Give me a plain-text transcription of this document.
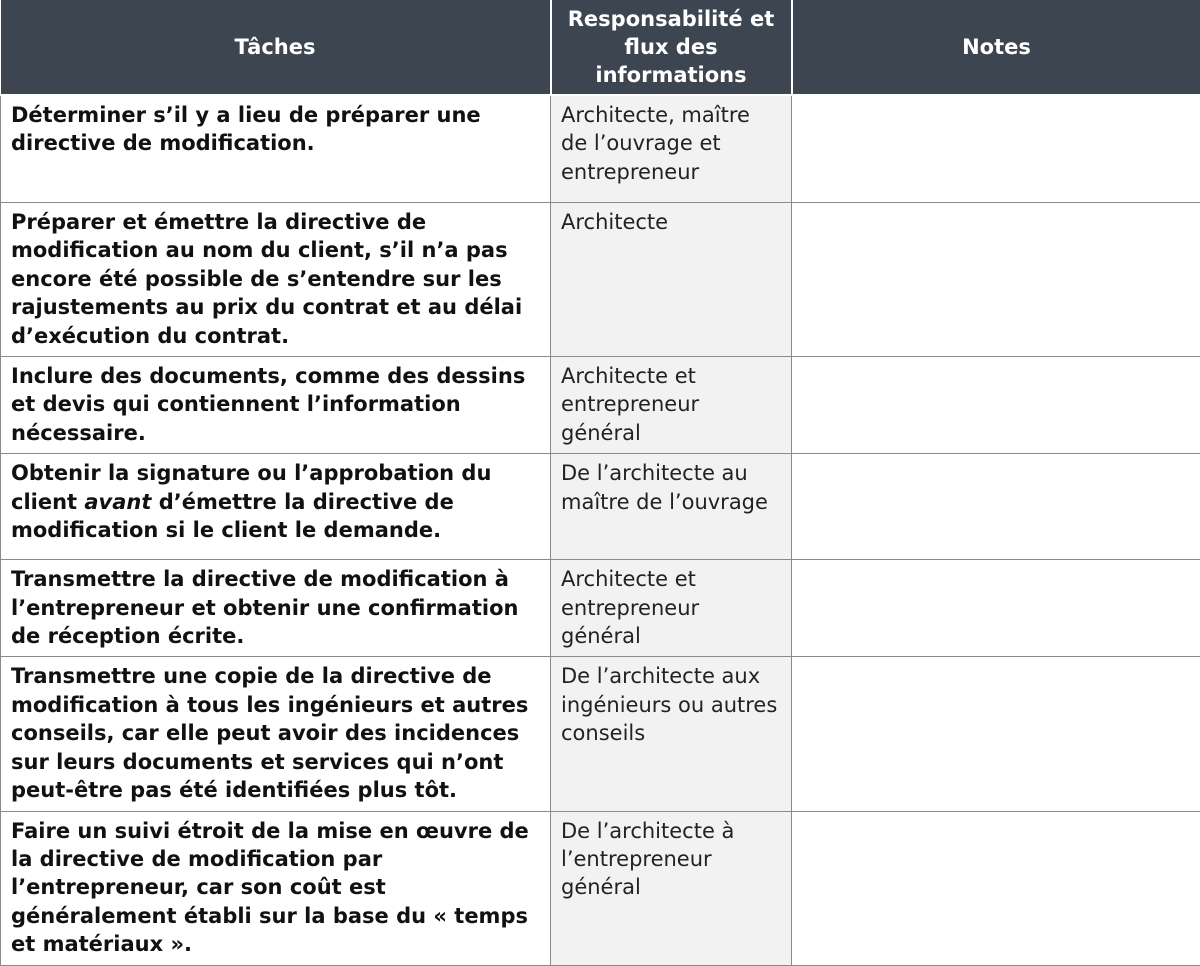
Tâches	Responsabilité et flux des informations	Notes
Déterminer s’il y a lieu de préparer une directive de modification.	Architecte, maître de l’ouvrage et entrepreneur	
Préparer et émettre la directive de modification au nom du client, s’il n’a pas encore été possible de s’entendre sur les rajustements au prix du contrat et au délai d’exécution du contrat.	Architecte	
Inclure des documents, comme des dessins et devis qui contiennent l’information nécessaire.	Architecte et entrepreneur général	
Obtenir la signature ou l’approbation du client avant d’émettre la directive de modification si le client le demande.	De l’architecte au maître de l’ouvrage	
Transmettre la directive de modification à l’entrepreneur et obtenir une confirmation de réception écrite.	Architecte et entrepreneur général	
Transmettre une copie de la directive de modification à tous les ingénieurs et autres conseils, car elle peut avoir des incidences sur leurs documents et services qui n’ont peut-être pas été identifiées plus tôt.	De l’architecte aux ingénieurs ou autres conseils	
Faire un suivi étroit de la mise en œuvre de la directive de modification par l’entrepreneur, car son coût est généralement établi sur la base du « temps et matériaux ».	De l’architecte à l’entrepreneur général	
